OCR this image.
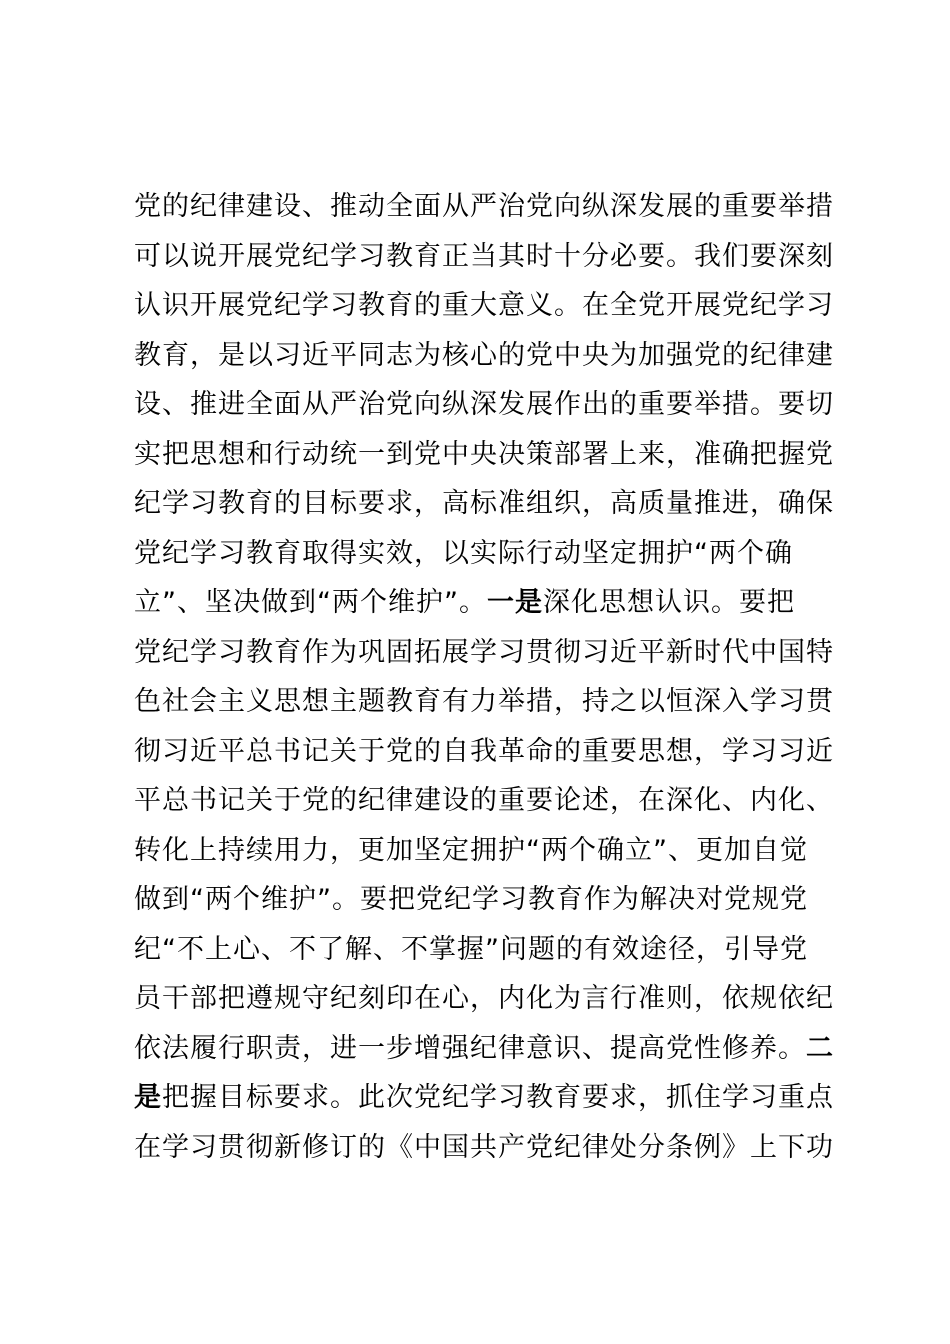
党的纪律建设、推动全面从严治党向纵深发展的重要举措
可以说开展党纪学习教育正当其时十分必要。我们要深刻
认识开展党纪学习教育的重大意义。在全党开展党纪学习
教育，是以习近平同志为核心的党中央为加强党的纪律建
设、推进全面从严治党向纵深发展作出的重要举措。要切
实把思想和行动统一到党中央决策部署上来，准确把握党
纪学习教育的目标要求，高标准组织，高质量推进，确保
党纪学习教育取得实效，以实际行动坚定拥护“两个确
立”、坚决做到“两个维护”。一是深化思想认识。要把
党纪学习教育作为巩固拓展学习贯彻习近平新时代中国特
色社会主义思想主题教育有力举措，持之以恒深入学习贯
彻习近平总书记关于党的自我革命的重要思想，学习习近
平总书记关于党的纪律建设的重要论述，在深化、内化、
转化上持续用力，更加坚定拥护“两个确立”、更加自觉
做到“两个维护”。要把党纪学习教育作为解决对党规党
纪“不上心、不了解、不掌握”问题的有效途径，引导党
员干部把遵规守纪刻印在心，内化为言行准则，依规依纪
依法履行职责，进一步增强纪律意识、提高党性修养。二
是把握目标要求。此次党纪学习教育要求，抓住学习重点
在学习贯彻新修订的《中国共产党纪律处分条例》上下功
